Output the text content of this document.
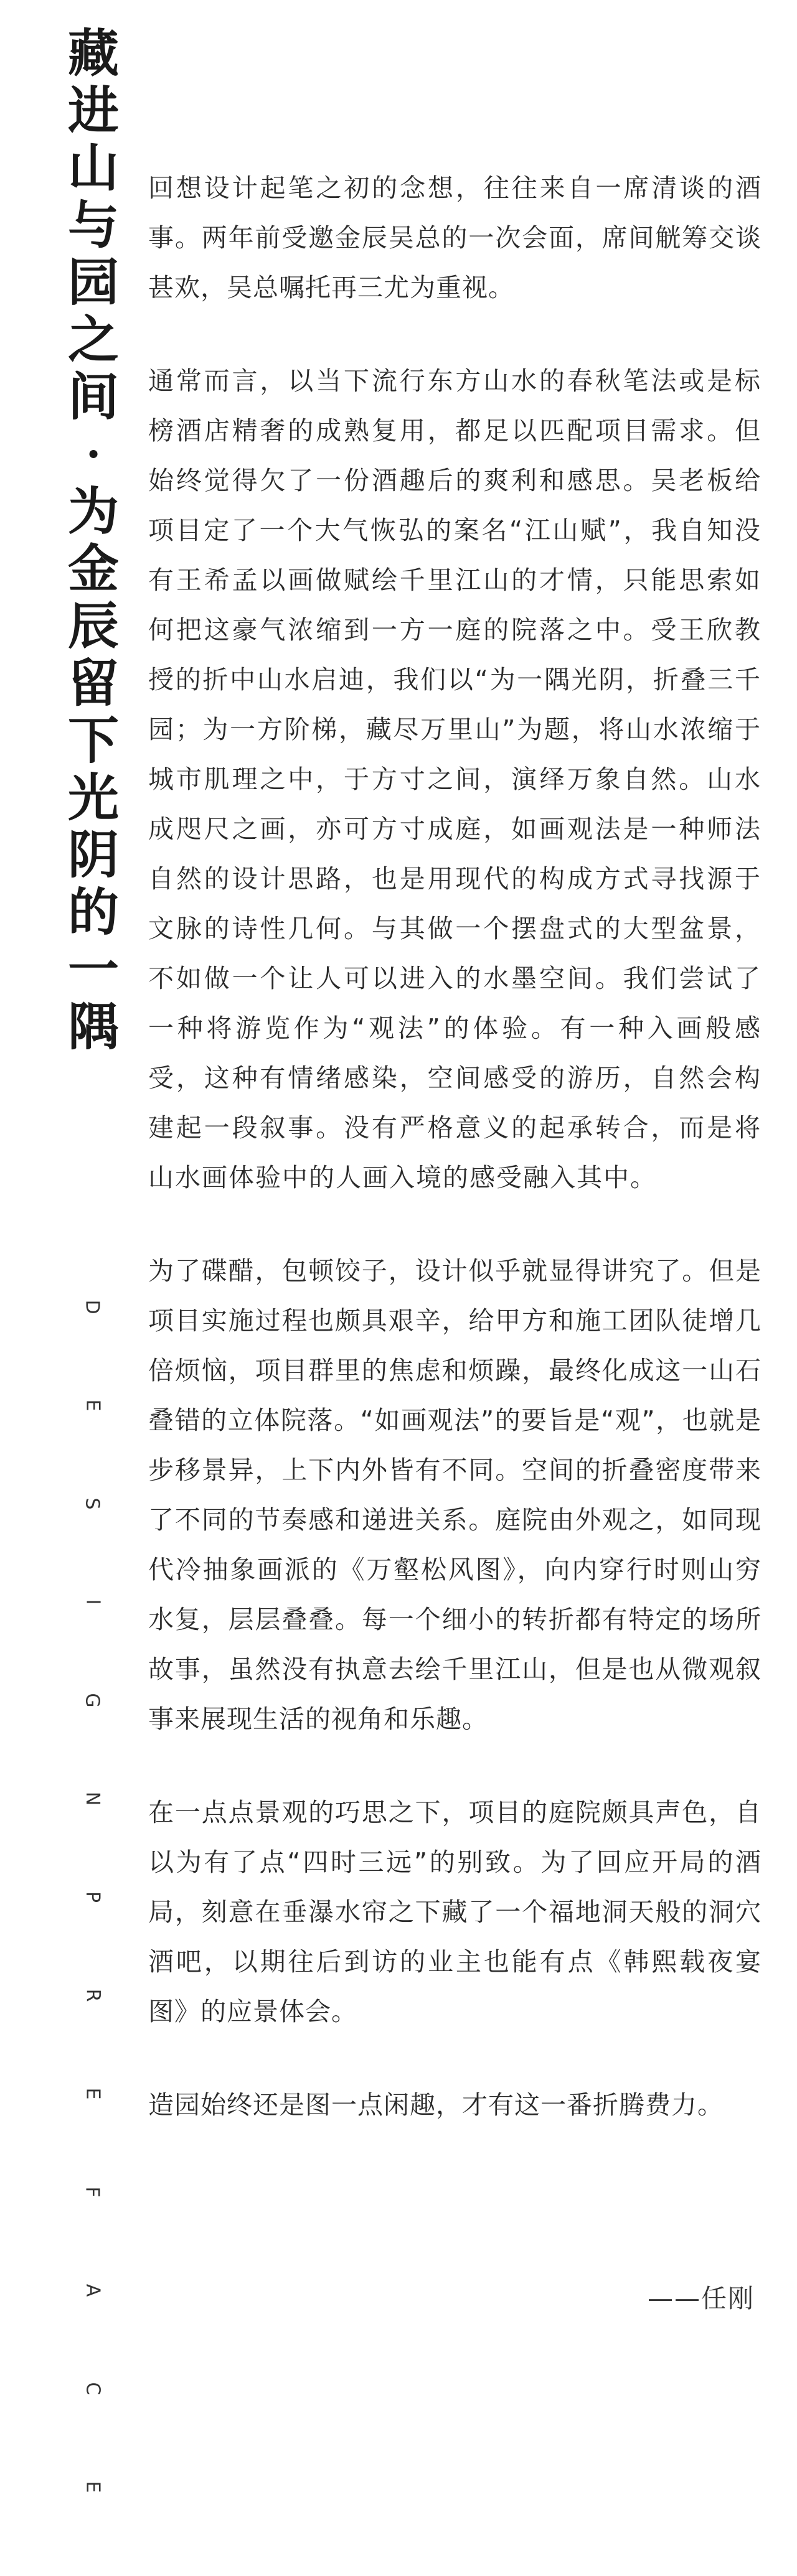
藏
进
山
与
园
之
间
·
为
金
辰
留
下
光
阴
的
一
隅
D
E
S
I
G
N
P
R
E
F
A
C
E

回想设计起笔之初的念想，往往来自一席清谈的酒事。两年前受邀金辰吴总的一次会面，席间觥筹交谈甚欢，吴总嘱托再三尤为重视。

通常而言，以当下流行东方山水的春秋笔法或是标榜酒店精奢的成熟复用，都足以匹配项目需求。但始终觉得欠了一份酒趣后的爽利和感思。吴老板给项目定了一个大气恢弘的案名“江山赋”，我自知没有王希孟以画做赋绘千里江山的才情，只能思索如何把这豪气浓缩到一方一庭的院落之中。受王欣教授的折中山水启迪，我们以“为一隅光阴，折叠三千园；为一方阶梯，藏尽万里山”为题，将山水浓缩于城市肌理之中，于方寸之间，演绎万象自然。山水成咫尺之画，亦可方寸成庭，如画观法是一种师法自然的设计思路，也是用现代的构成方式寻找源于文脉的诗性几何。与其做一个摆盘式的大型盆景，不如做一个让人可以进入的水墨空间。我们尝试了一种将游览作为“观法”的体验。有一种入画般感受，这种有情绪感染，空间感受的游历，自然会构建起一段叙事。没有严格意义的起承转合，而是将山水画体验中的人画入境的感受融入其中。

为了碟醋，包顿饺子，设计似乎就显得讲究了。但是项目实施过程也颇具艰辛，给甲方和施工团队徒增几倍烦恼，项目群里的焦虑和烦躁，最终化成这一山石叠错的立体院落。“如画观法”的要旨是“观”，也就是步移景异，上下内外皆有不同。空间的折叠密度带来了不同的节奏感和递进关系。庭院由外观之，如同现代冷抽象画派的《万壑松风图》，向内穿行时则山穷水复，层层叠叠。每一个细小的转折都有特定的场所故事，虽然没有执意去绘千里江山，但是也从微观叙事来展现生活的视角和乐趣。

在一点点景观的巧思之下，项目的庭院颇具声色，自以为有了点“四时三远”的别致。为了回应开局的酒局，刻意在垂瀑水帘之下藏了一个福地洞天般的洞穴酒吧，以期往后到访的业主也能有点《韩熙载夜宴图》的应景体会。

造园始终还是图一点闲趣，才有这一番折腾费力。

——任刚
